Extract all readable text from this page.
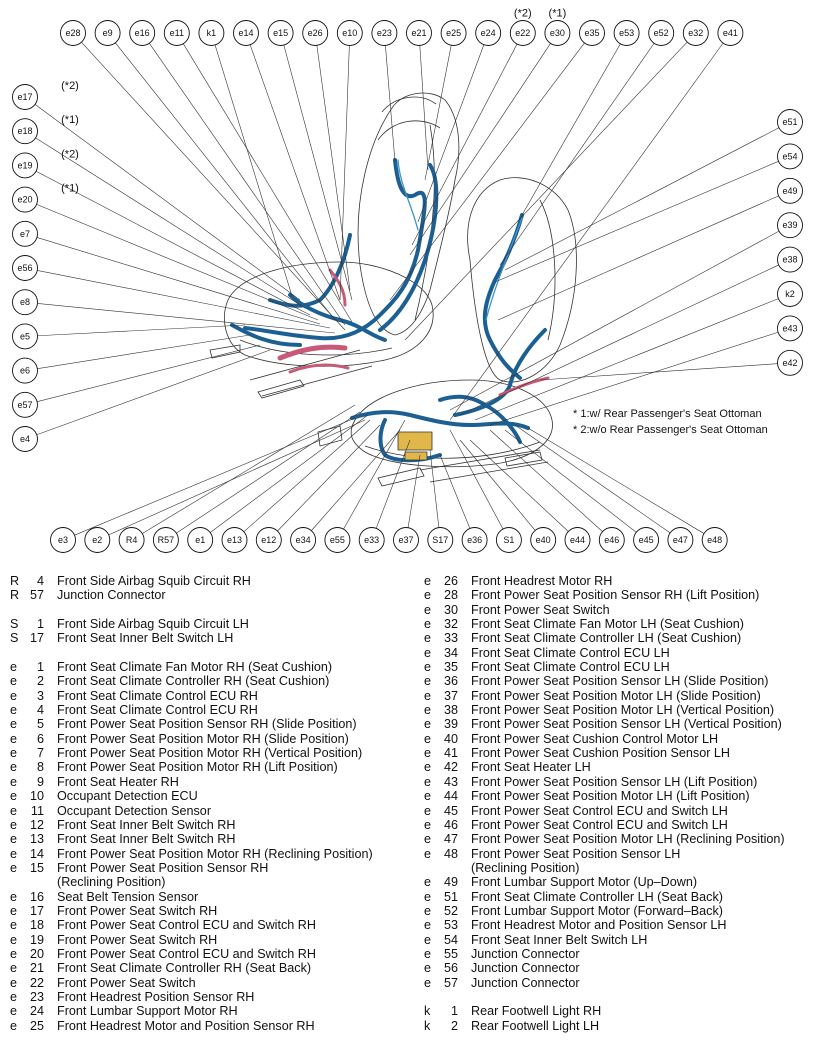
e28 e9 e16 e11	k1 e14 e15 e26 e10 e23 e21 e25 e24 e22
(*2)
e30
(*1)
e35 e53 e52 e32 e41
e17
(*2)
e18
(*1)
e19
(*2)
e20
(*1)
e7
e56
e8
e5
e6
e57
e4
e51
e54
e49
e39
e38
k2
e43
e42
e3	e2	R4 R57 e1 e13 e12 e34 e55 e33 e37 S17 e36 S1 e40 e44 e46 e45 e47 e48
* 1:w/ Rear Passenger's Seat Ottoman
* 2:w/o Rear Passenger's Seat Ottoman
R	4 Front Side Airbag Squib Circuit RH
R 57 Junction Connector
S	1 Front Side Airbag Squib Circuit LH
S 17 Front Seat Inner Belt Switch LH
e	1 Front Seat Climate Fan Motor RH (Seat Cushion)
e	2 Front Seat Climate Controller RH (Seat Cushion)
e	3 Front Seat Climate Control ECU RH
e	4 Front Seat Climate Control ECU RH
e	5 Front Power Seat Position Sensor RH (Slide Position)
e	6 Front Power Seat Position Motor RH (Slide Position)
e	7 Front Power Seat Position Motor RH (Vertical Position)
e	8 Front Power Seat Position Motor RH (Lift Position)
e	9 Front Seat Heater RH
e	10 Occupant Detection ECU
e	11 Occupant Detection Sensor
e	12 Front Seat Inner Belt Switch RH
e	13 Front Seat Inner Belt Switch RH
e	14 Front Power Seat Position Motor RH (Reclining Position)
e	15 Front Power Seat Position Sensor RH
(Reclining Position)
e	16 Seat Belt Tension Sensor
e	17 Front Power Seat Switch RH
e	18 Front Power Seat Control ECU and Switch RH
e	19 Front Power Seat Switch RH
e	20 Front Power Seat Control ECU and Switch RH
e	21 Front Seat Climate Controller RH (Seat Back)
e	22 Front Power Seat Switch
e	23 Front Headrest Position Sensor RH
e	24 Front Lumbar Support Motor RH
e	25 Front Headrest Motor and Position Sensor RH
e	26 Front Headrest Motor RH
e	28 Front Power Seat Position Sensor RH (Lift Position)
e	30 Front Power Seat Switch
e	32 Front Seat Climate Fan Motor LH (Seat Cushion)
e	33 Front Seat Climate Controller LH (Seat Cushion)
e	34 Front Seat Climate Control ECU LH
e	35 Front Seat Climate Control ECU LH
e	36 Front Power Seat Position Sensor LH (Slide Position)
e	37 Front Power Seat Position Motor LH (Slide Position)
e	38 Front Power Seat Position Motor LH (Vertical Position)
e	39 Front Power Seat Position Sensor LH (Vertical Position)
e	40 Front Power Seat Cushion Control Motor LH
e	41 Front Power Seat Cushion Position Sensor LH
e	42 Front Seat Heater LH
e	43 Front Power Seat Position Sensor LH (Lift Position)
e	44 Front Power Seat Position Motor LH (Lift Position)
e	45 Front Power Seat Control ECU and Switch LH
e	46 Front Power Seat Control ECU and Switch LH
e	47 Front Power Seat Position Motor LH (Reclining Position)
e	48 Front Power Seat Position Sensor LH
(Reclining Position)
e	49 Front Lumbar Support Motor (Up–Down)
e	51 Front Seat Climate Controller LH (Seat Back)
e	52 Front Lumbar Support Motor (Forward–Back)
e	53 Front Headrest Motor and Position Sensor LH
e	54 Front Seat Inner Belt Switch LH
e	55 Junction Connector
e	56 Junction Connector
e	57 Junction Connector
k	1 Rear Footwell Light RH
k	2 Rear Footwell Light LH
